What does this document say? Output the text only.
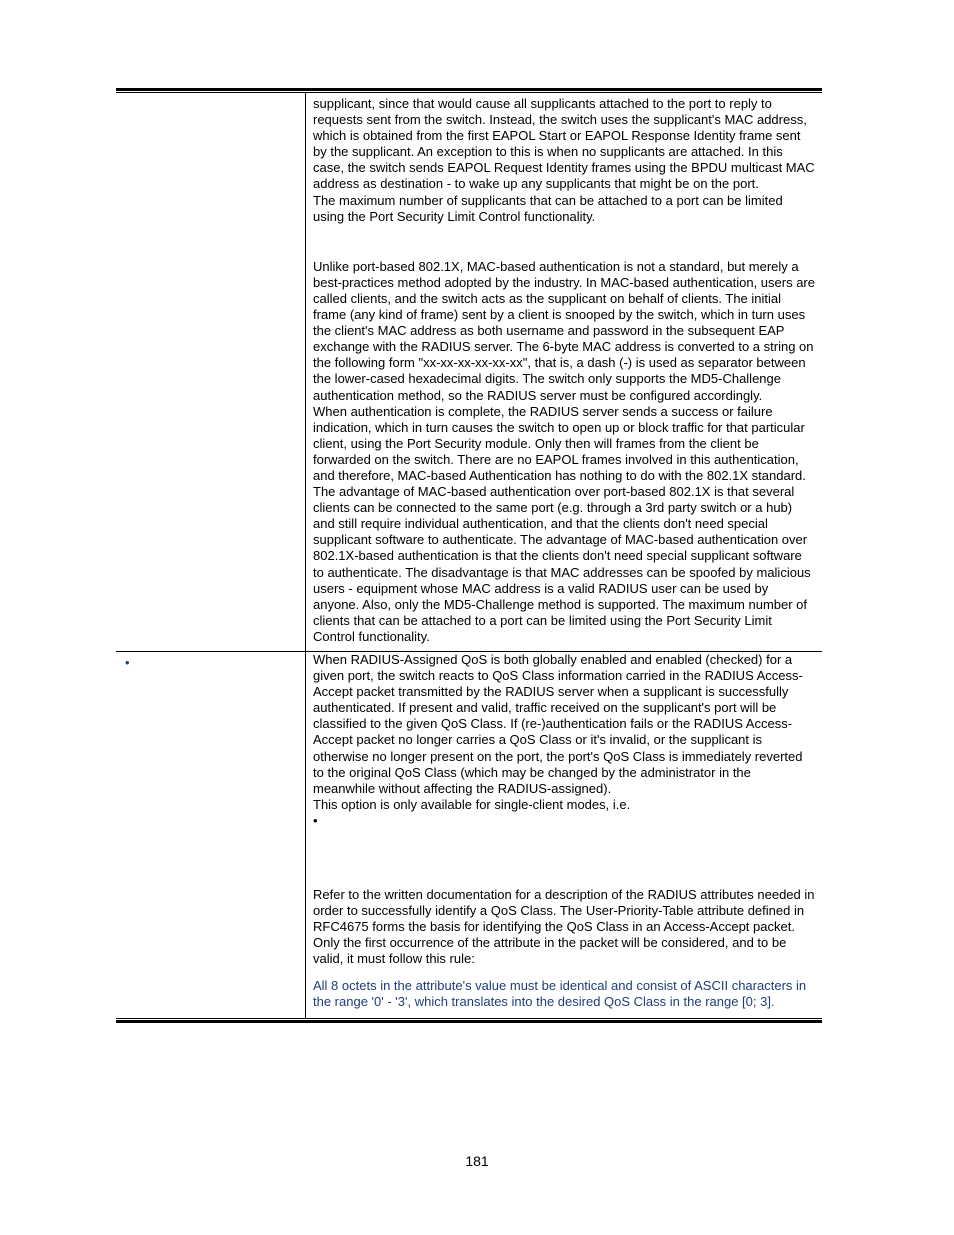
supplicant, since that would cause all supplicants attached to the port to reply to requests sent from the switch. Instead, the switch uses the supplicant's MAC address, which is obtained from the first EAPOL Start or EAPOL Response Identity frame sent by the supplicant. An exception to this is when no supplicants are attached. In this case, the switch sends EAPOL Request Identity frames using the BPDU multicast MAC address as destination - to wake up any supplicants that might be on the port.

The maximum number of supplicants that can be attached to a port can be limited using the Port Security Limit Control functionality.

Unlike port-based 802.1X, MAC-based authentication is not a standard, but merely a best-practices method adopted by the industry. In MAC-based authentication, users are called clients, and the switch acts as the supplicant on behalf of clients. The initial frame (any kind of frame) sent by a client is snooped by the switch, which in turn uses the client's MAC address as both username and password in the subsequent EAP exchange with the RADIUS server. The 6-byte MAC address is converted to a string on the following form "xx-xx-xx-xx-xx-xx", that is, a dash (-) is used as separator between the lower-cased hexadecimal digits. The switch only supports the MD5-Challenge authentication method, so the RADIUS server must be configured accordingly.

When authentication is complete, the RADIUS server sends a success or failure indication, which in turn causes the switch to open up or block traffic for that particular client, using the Port Security module. Only then will frames from the client be forwarded on the switch. There are no EAPOL frames involved in this authentication, and therefore, MAC-based Authentication has nothing to do with the 802.1X standard.

The advantage of MAC-based authentication over port-based 802.1X is that several clients can be connected to the same port (e.g. through a 3rd party switch or a hub) and still require individual authentication, and that the clients don't need special supplicant software to authenticate. The advantage of MAC-based authentication over 802.1X-based authentication is that the clients don't need special supplicant software to authenticate. The disadvantage is that MAC addresses can be spoofed by malicious users - equipment whose MAC address is a valid RADIUS user can be used by anyone. Also, only the MD5-Challenge method is supported. The maximum number of clients that can be attached to a port can be limited using the Port Security Limit Control functionality.

•	When RADIUS-Assigned QoS is both globally enabled and enabled (checked) for a given port, the switch reacts to QoS Class information carried in the RADIUS Access-Accept packet transmitted by the RADIUS server when a supplicant is successfully authenticated. If present and valid, traffic received on the supplicant's port will be classified to the given QoS Class. If (re-)authentication fails or the RADIUS Access-Accept packet no longer carries a QoS Class or it's invalid, or the supplicant is otherwise no longer present on the port, the port's QoS Class is immediately reverted to the original QoS Class (which may be changed by the administrator in the meanwhile without affecting the RADIUS-assigned).

This option is only available for single-client modes, i.e.

•

Refer to the written documentation for a description of the RADIUS attributes needed in order to successfully identify a QoS Class. The User-Priority-Table attribute defined in RFC4675 forms the basis for identifying the QoS Class in an Access-Accept packet.

Only the first occurrence of the attribute in the packet will be considered, and to be valid, it must follow this rule:

All 8 octets in the attribute's value must be identical and consist of ASCII characters in the range '0' - '3', which translates into the desired QoS Class in the range [0; 3].

181
